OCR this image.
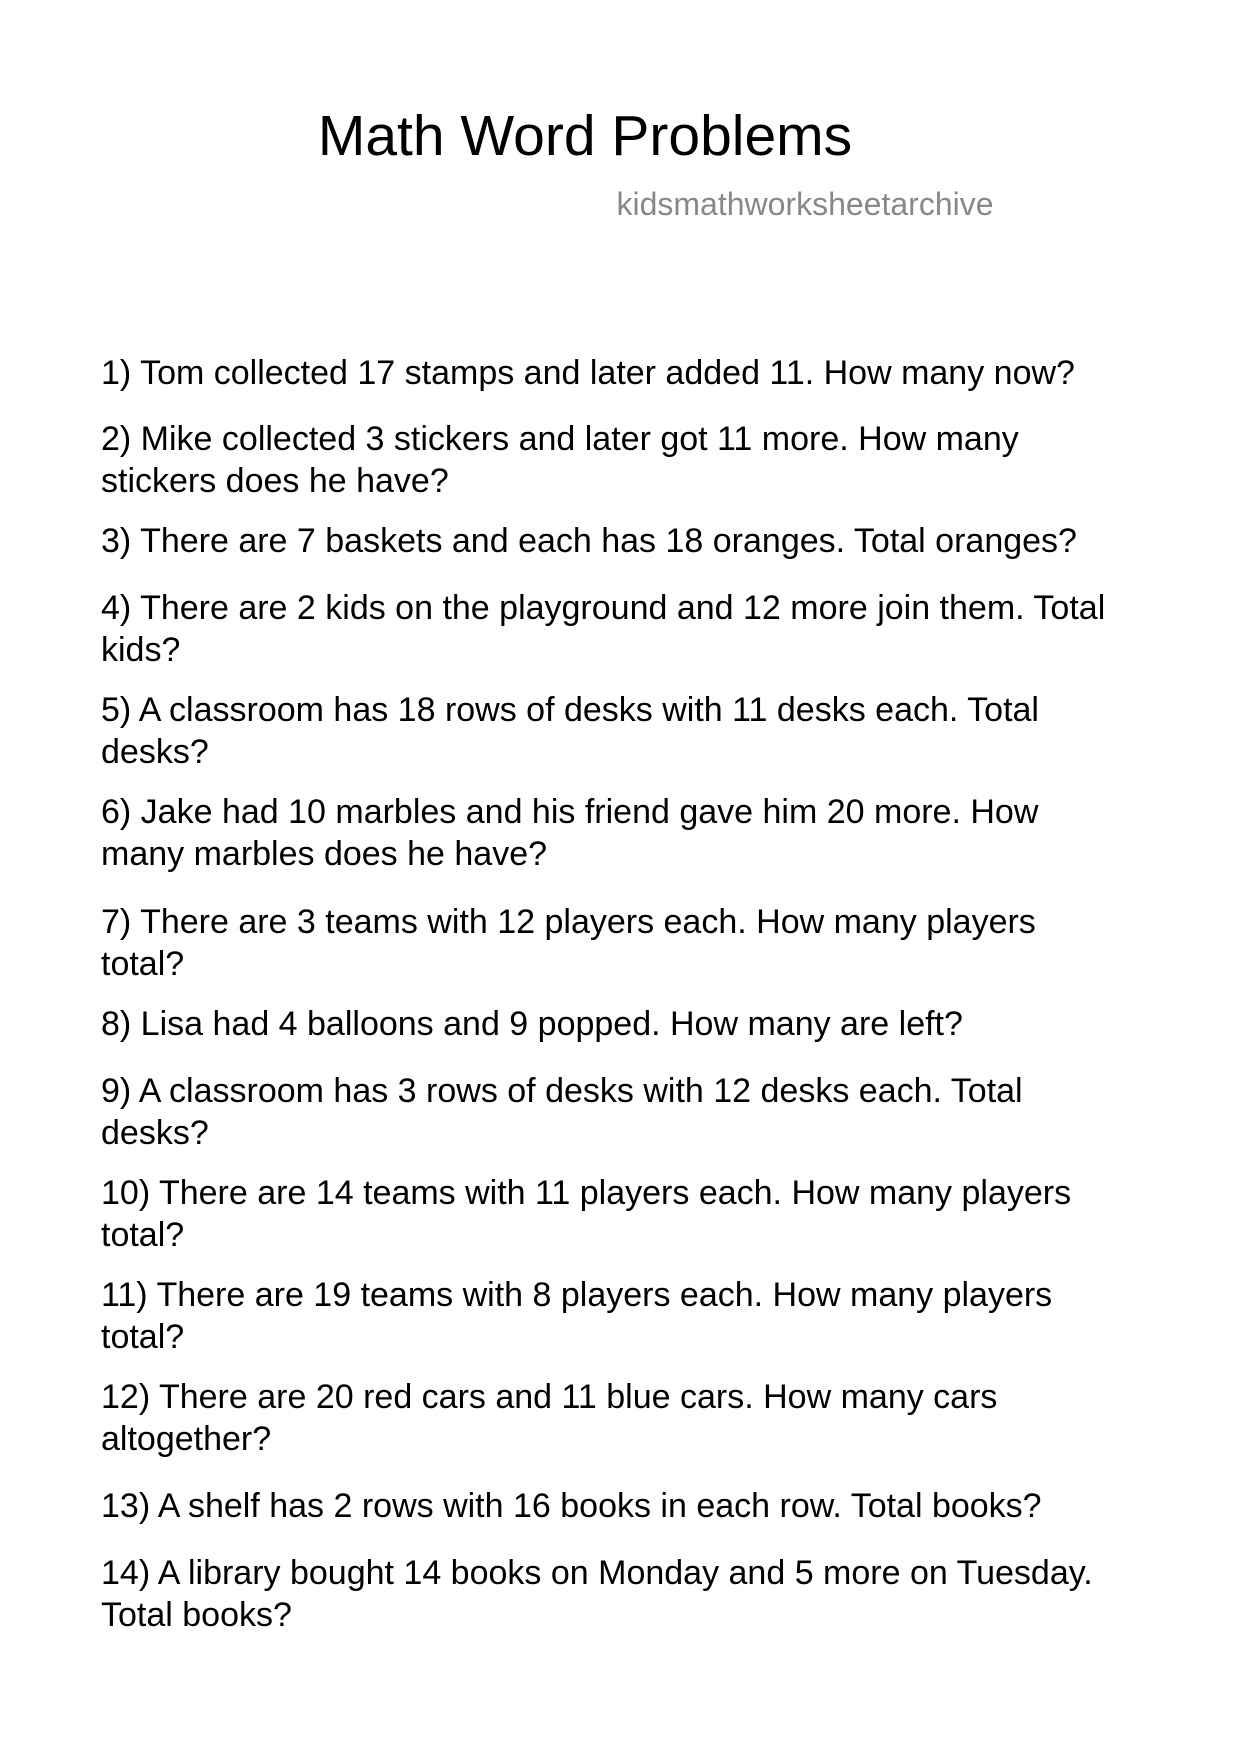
Math Word Problems
kidsmathworksheetarchive

1) Tom collected 17 stamps and later added 11. How many now?

2) Mike collected 3 stickers and later got 11 more. How many stickers does he have?

3) There are 7 baskets and each has 18 oranges. Total oranges?

4) There are 2 kids on the playground and 12 more join them. Total kids?

5) A classroom has 18 rows of desks with 11 desks each. Total desks?

6) Jake had 10 marbles and his friend gave him 20 more. How many marbles does he have?

7) There are 3 teams with 12 players each. How many players total?

8) Lisa had 4 balloons and 9 popped. How many are left?

9) A classroom has 3 rows of desks with 12 desks each. Total desks?

10) There are 14 teams with 11 players each. How many players total?

11) There are 19 teams with 8 players each. How many players total?

12) There are 20 red cars and 11 blue cars. How many cars altogether?

13) A shelf has 2 rows with 16 books in each row. Total books?

14) A library bought 14 books on Monday and 5 more on Tuesday. Total books?
